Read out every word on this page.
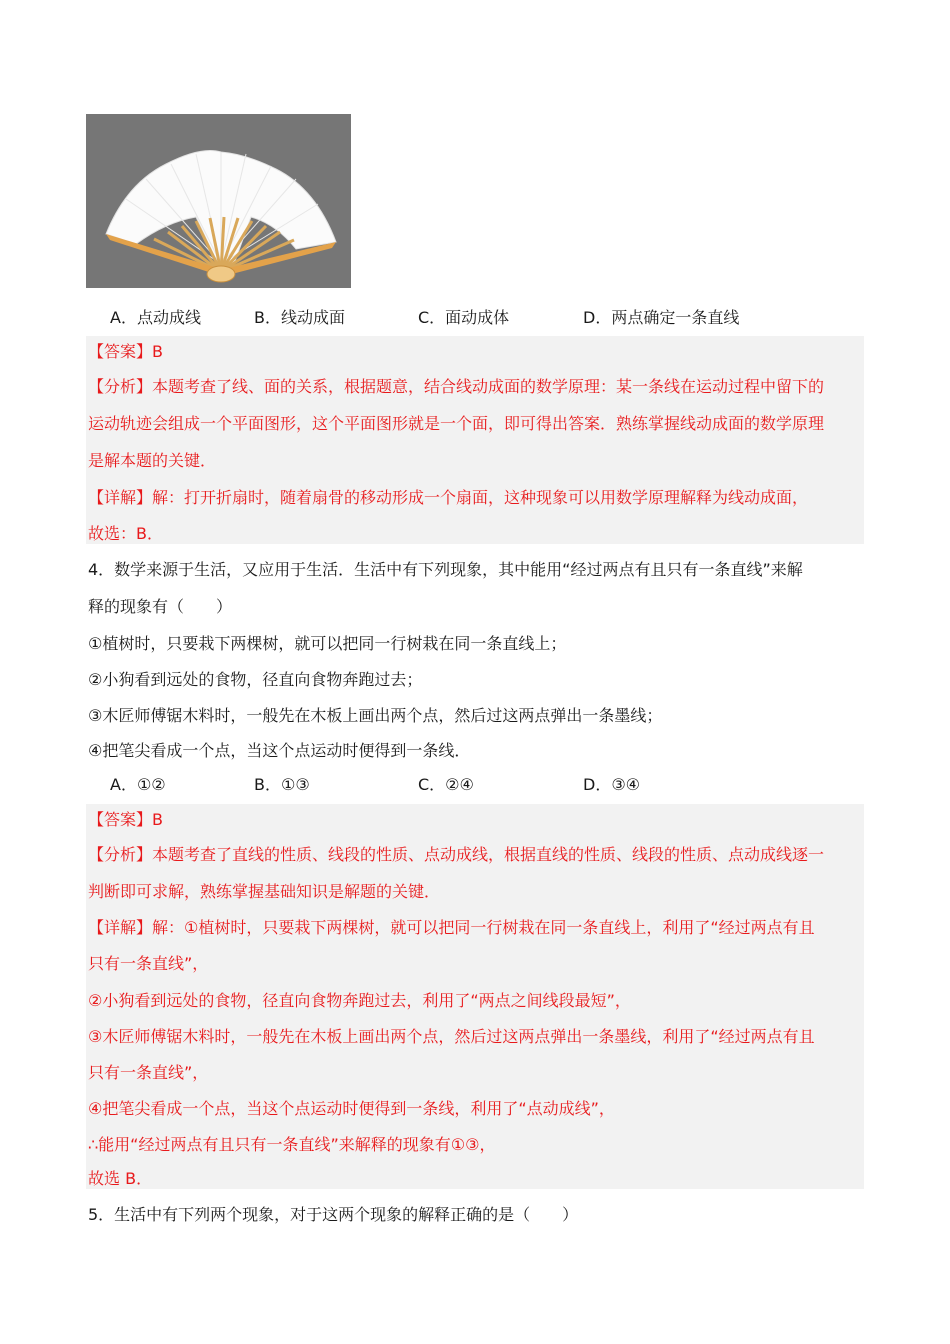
A．点动成线	B．线动成面	C．面动成体	D．两点确定一条直线
【答案】B
【分析】本题考查了线、面的关系，根据题意，结合线动成面的数学原理：某一条线在运动过程中留下的
运动轨迹会组成一个平面图形，这个平面图形就是一个面，即可得出答案．熟练掌握线动成面的数学原理
是解本题的关键．
【详解】解：打开折扇时，随着扇骨的移动形成一个扇面，这种现象可以用数学原理解释为线动成面，
故选：B．
4．数学来源于生活，又应用于生活．生活中有下列现象，其中能用“经过两点有且只有一条直线”来解
释的现象有（　　）
①植树时，只要栽下两棵树，就可以把同一行树栽在同一条直线上；
②小狗看到远处的食物，径直向食物奔跑过去；
③木匠师傅锯木料时，一般先在木板上画出两个点，然后过这两点弹出一条墨线；
④把笔尖看成一个点，当这个点运动时便得到一条线．
A．①②	B．①③	C．②④	D．③④
【答案】B
【分析】本题考查了直线的性质、线段的性质、点动成线，根据直线的性质、线段的性质、点动成线逐一
判断即可求解，熟练掌握基础知识是解题的关键．
【详解】解：①植树时，只要栽下两棵树，就可以把同一行树栽在同一条直线上，利用了“经过两点有且
只有一条直线”，
②小狗看到远处的食物，径直向食物奔跑过去，利用了“两点之间线段最短”，
③木匠师傅锯木料时，一般先在木板上画出两个点，然后过这两点弹出一条墨线，利用了“经过两点有且
只有一条直线”，
④把笔尖看成一个点，当这个点运动时便得到一条线，利用了“点动成线”，
∴能用“经过两点有且只有一条直线”来解释的现象有①③，
故选 B．
5．生活中有下列两个现象，对于这两个现象的解释正确的是（　　）
